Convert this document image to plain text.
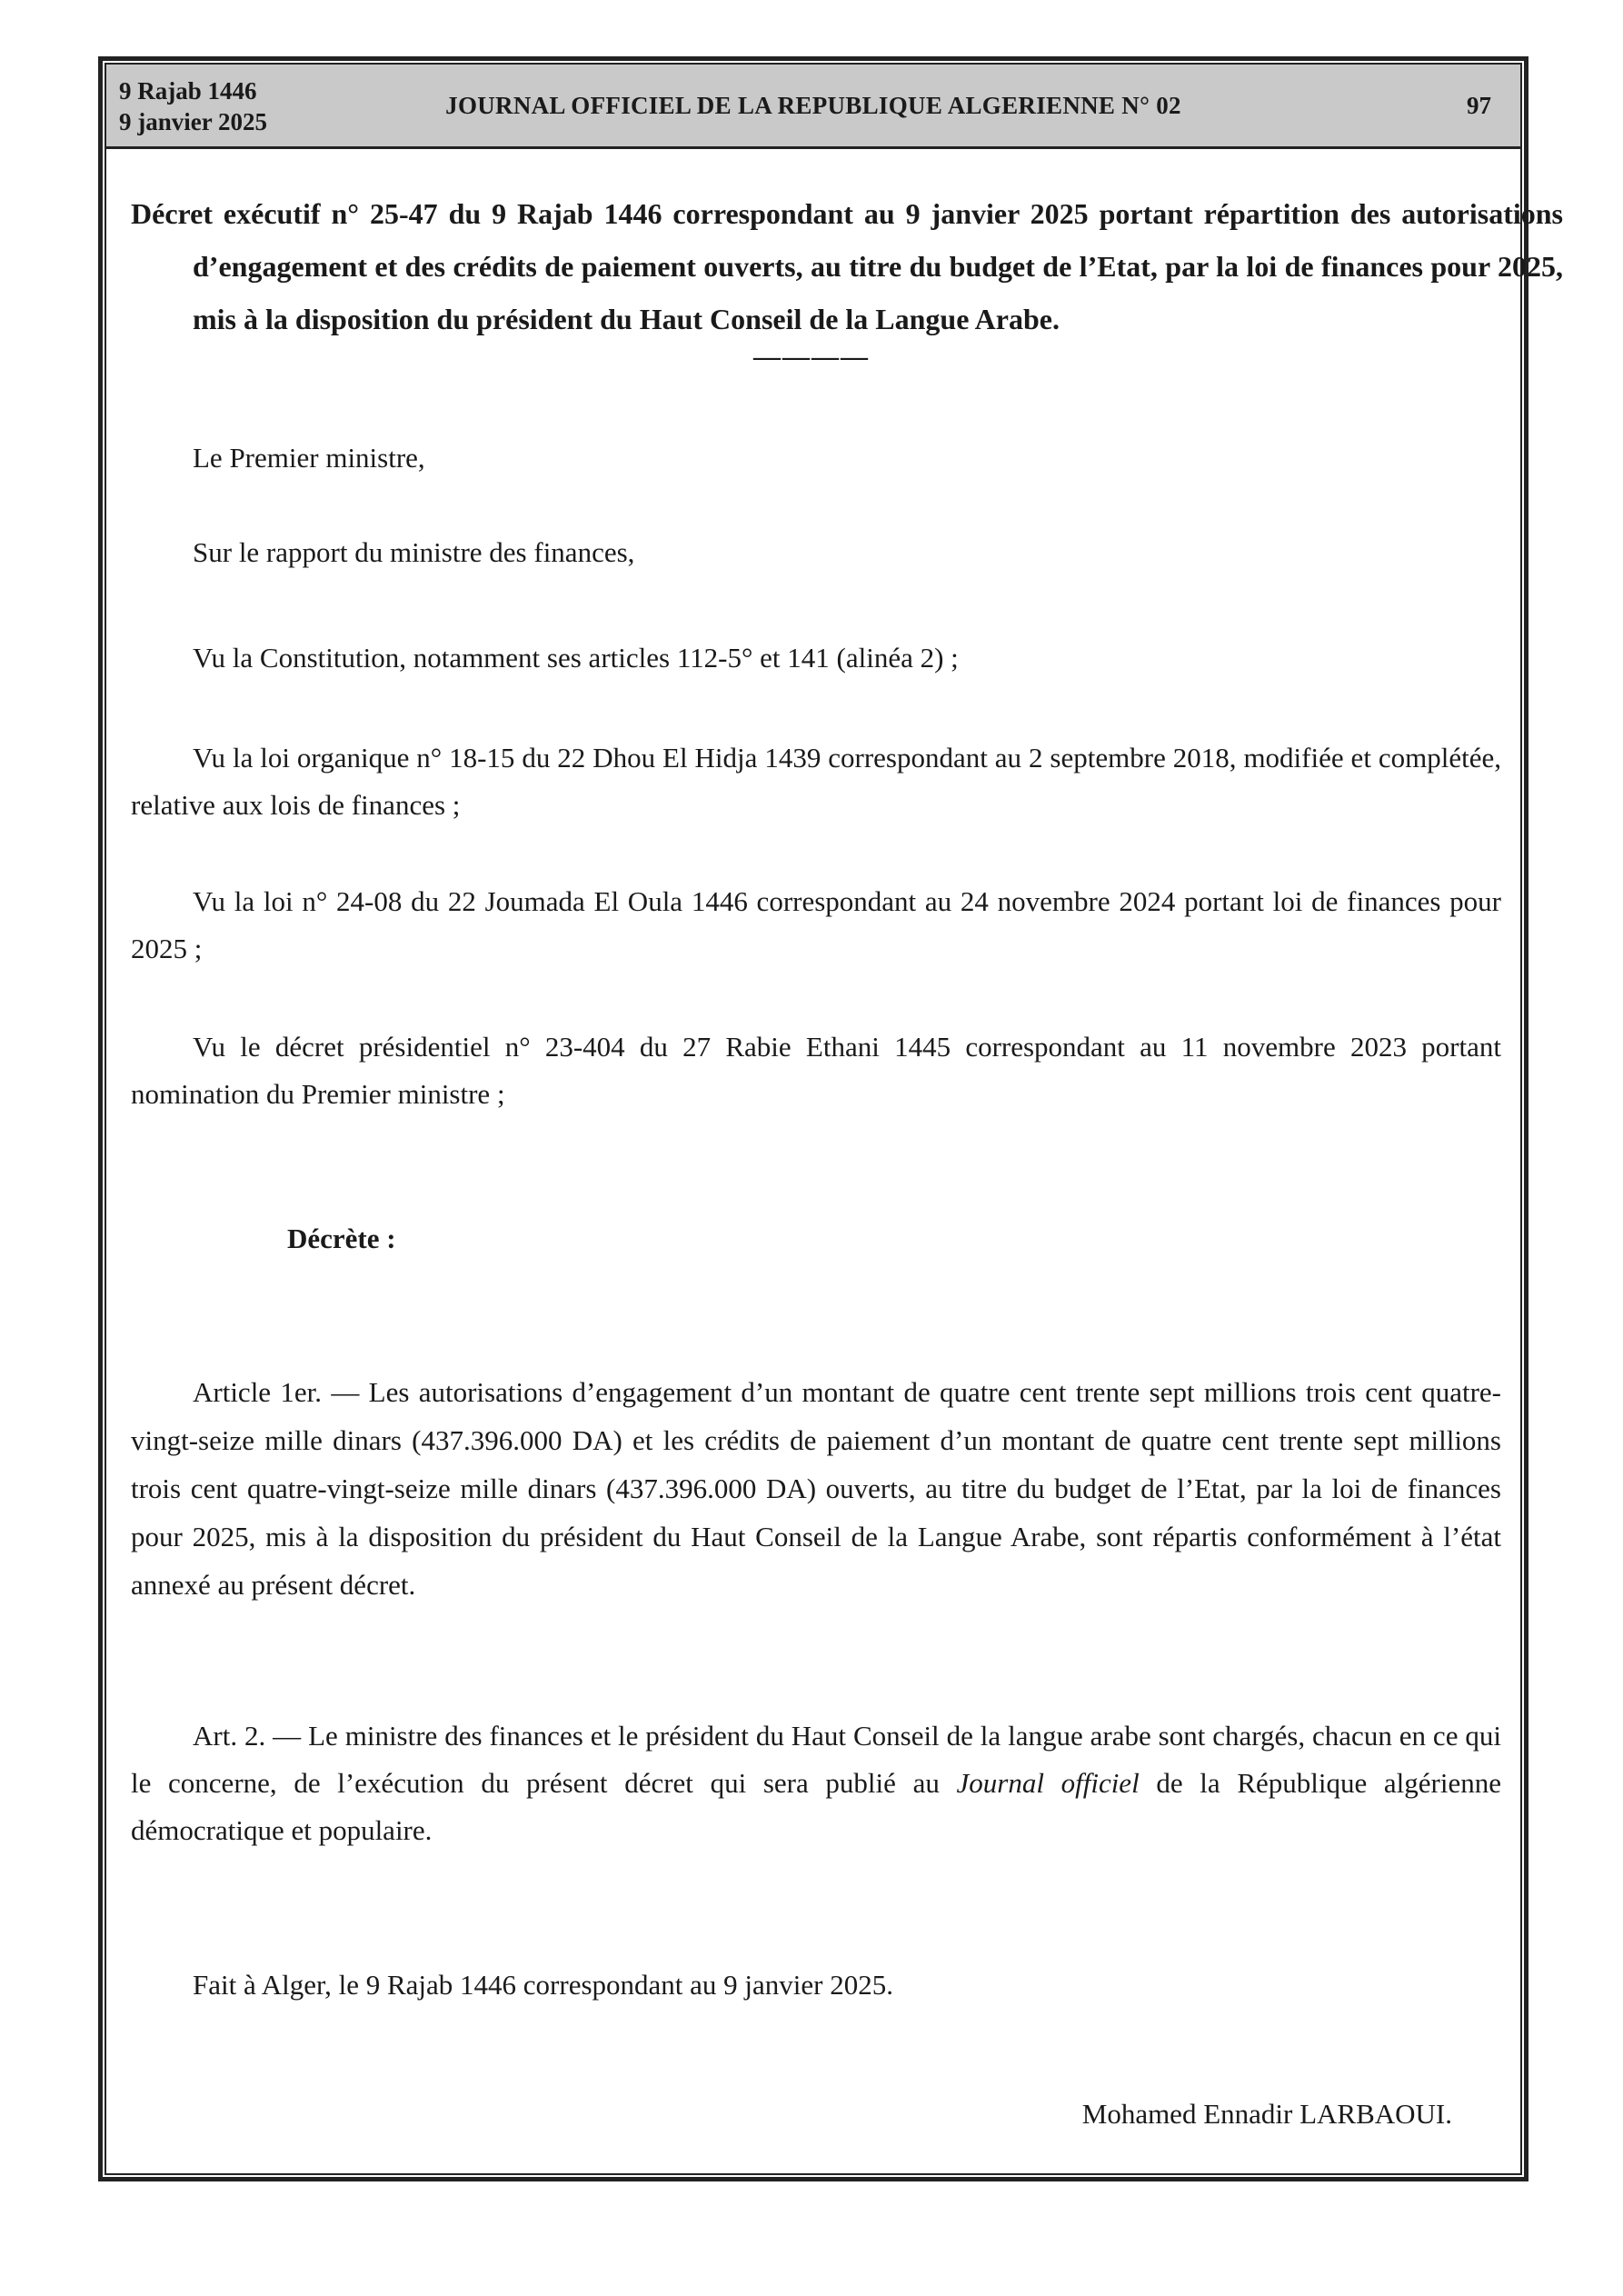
9 Rajab 1446
9 janvier 2025
JOURNAL OFFICIEL DE LA REPUBLIQUE ALGERIENNE N° 02	97
Décret exécutif n° 25-47 du 9 Rajab 1446 correspondant au 9 janvier 2025 portant répartition des autorisations d’engagement et des crédits de paiement ouverts, au titre du budget de l’Etat, par la loi de finances pour 2025, mis à la disposition du président du Haut Conseil de la Langue Arabe.
————
Le Premier ministre,
Sur le rapport du ministre des finances,
Vu la Constitution, notamment ses articles 112-5° et 141 (alinéa 2) ;
Vu la loi organique n° 18-15 du 22 Dhou El Hidja 1439 correspondant au 2 septembre 2018, modifiée et complétée, relative aux lois de finances ;
Vu la loi n° 24-08 du 22 Joumada El Oula 1446 correspondant au 24 novembre 2024 portant loi de finances pour 2025 ;
Vu le décret présidentiel n° 23-404 du 27 Rabie Ethani 1445 correspondant au 11 novembre 2023 portant nomination du Premier ministre ;
Décrète :
Article 1er. — Les autorisations d’engagement d’un montant de quatre cent trente sept millions trois cent quatre-vingt-seize mille dinars (437.396.000 DA) et les crédits de paiement d’un montant de quatre cent trente sept millions trois cent quatre-vingt-seize mille dinars (437.396.000 DA) ouverts, au titre du budget de l’Etat, par la loi de finances pour 2025, mis à la disposition du président du Haut Conseil de la Langue Arabe, sont répartis conformément à l’état annexé au présent décret.
Art. 2. — Le ministre des finances et le président du Haut Conseil de la langue arabe sont chargés, chacun en ce qui le concerne, de l’exécution du présent décret qui sera publié au Journal officiel de la République algérienne démocratique et populaire.
Fait à Alger, le 9 Rajab 1446 correspondant au 9 janvier 2025.
Mohamed Ennadir LARBAOUI.
